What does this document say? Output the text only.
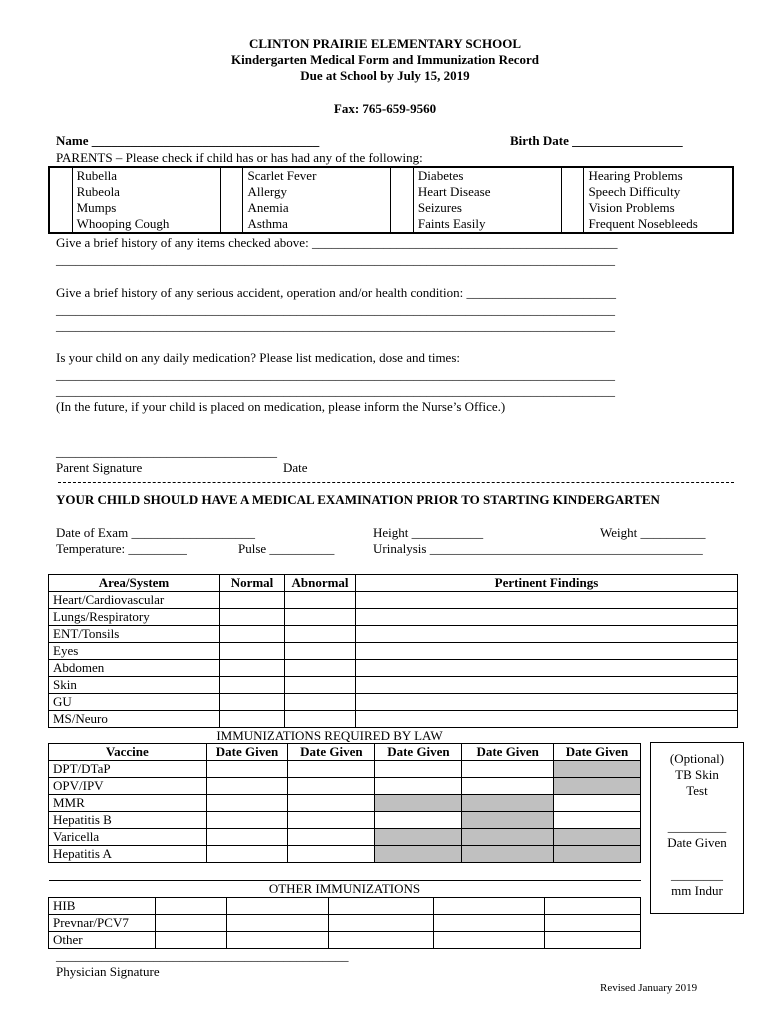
CLINTON PRAIRIE ELEMENTARY SCHOOL
Kindergarten Medical Form and Immunization Record
Due at School by July 15, 2019
Fax: 765-659-9560
Name ___________________________________	Birth Date _________________
PARENTS – Please check if child has or has had any of the following:
	Rubella		Scarlet Fever		Diabetes		Hearing Problems
	Rubeola		Allergy		Heart Disease		Speech Difficulty
	Mumps		Anemia		Seizures		Vision Problems
	Whooping Cough		Asthma		Faints Easily		Frequent Nosebleeds
Give a brief history of any items checked above: _______________________________________________
______________________________________________________________________________________
Give a brief history of any serious accident, operation and/or health condition: _______________________
______________________________________________________________________________________
______________________________________________________________________________________
Is your child on any daily medication? Please list medication, dose and times:
______________________________________________________________________________________
______________________________________________________________________________________
(In the future, if your child is placed on medication, please inform the Nurse’s Office.)
__________________________________
Parent Signature	Date
YOUR CHILD SHOULD HAVE A MEDICAL EXAMINATION PRIOR TO STARTING KINDERGARTEN
Date of Exam ___________________	Height ___________	Weight __________
Temperature: _________	Pulse __________	Urinalysis __________________________________________
Area/System	Normal	Abnormal	Pertinent Findings
Heart/Cardiovascular			
Lungs/Respiratory			
ENT/Tonsils			
Eyes			
Abdomen			
Skin			
GU			
MS/Neuro			
IMMUNIZATIONS REQUIRED BY LAW					
Vaccine	Date Given	Date Given	Date Given	Date Given	Date Given
DPT/DTaP					
OPV/IPV					
MMR					
Hepatitis B					
Varicella					
Hepatitis A					
OTHER IMMUNIZATIONS					
HIB					
Prevnar/PCV7					
Other					
(Optional)
TB Skin
Test
_________
Date Given
________
mm Indur
_____________________________________________
Physician Signature
Revised January 2019
